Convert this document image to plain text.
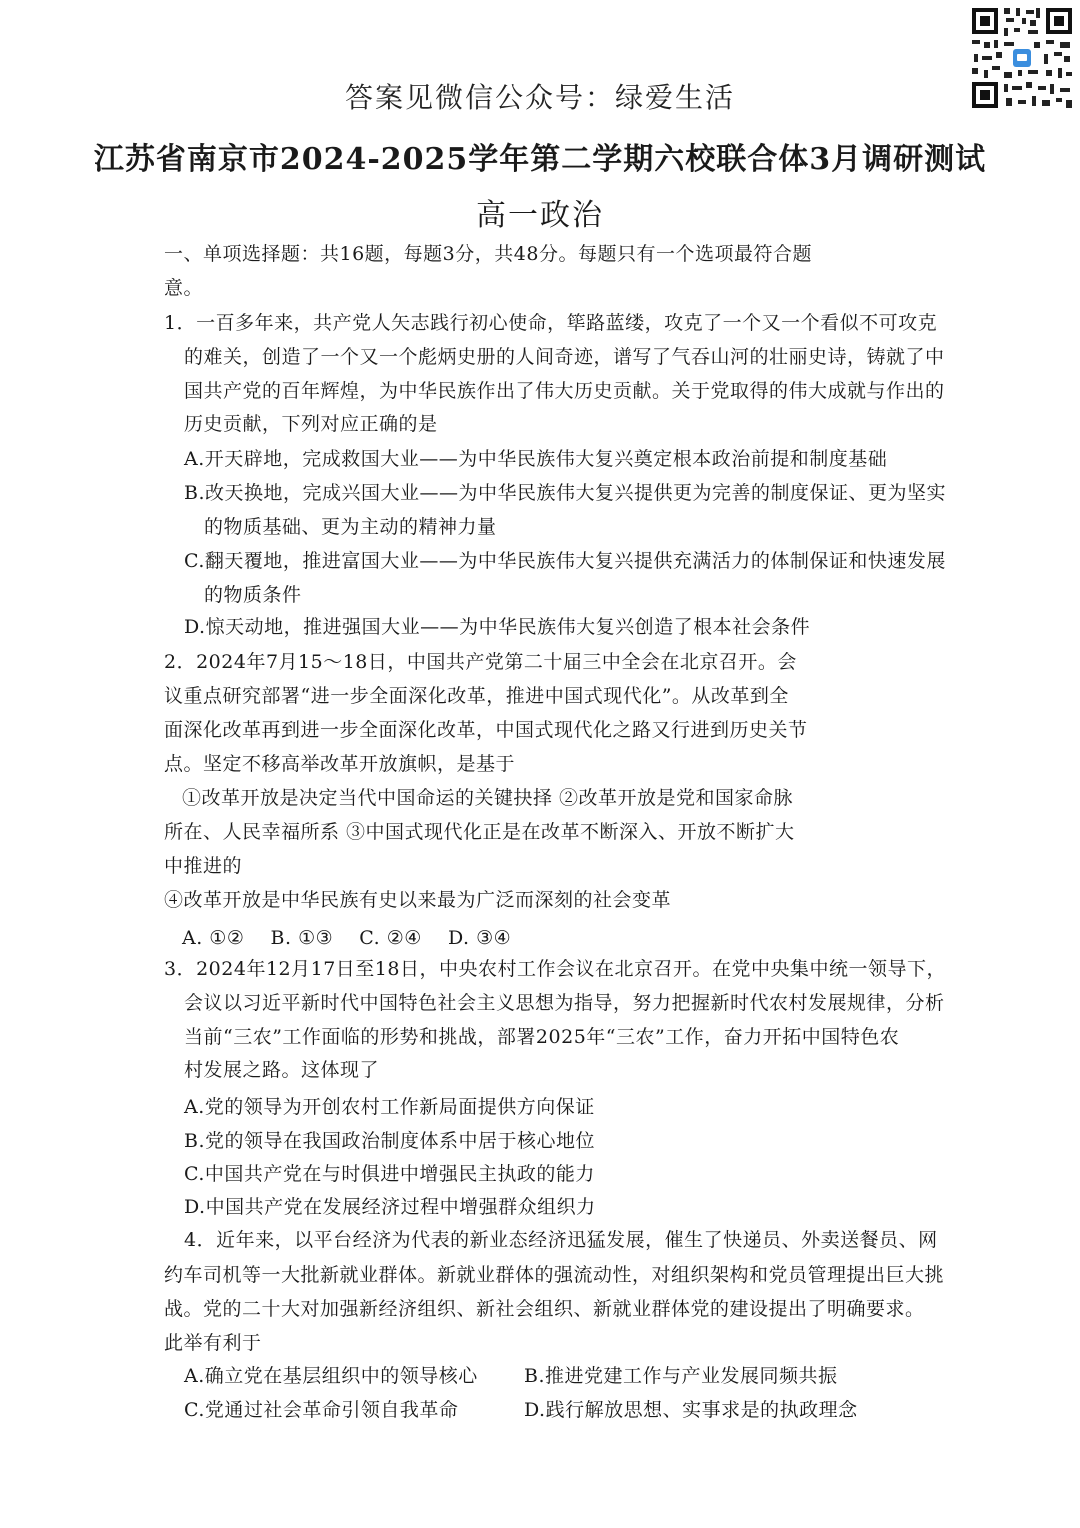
答案见微信公众号：绿爱生活
江苏省南京市2024-2025学年第二学期六校联合体3月调研测试
高一政治
一、单项选择题：共16题，每题3分，共48分。每题只有一个选项最符合题
意。
1．一百多年来，共产党人矢志践行初心使命，筚路蓝缕，攻克了一个又一个看似不可攻克
的难关，创造了一个又一个彪炳史册的人间奇迹，谱写了气吞山河的壮丽史诗，铸就了中
国共产党的百年辉煌，为中华民族作出了伟大历史贡献。关于党取得的伟大成就与作出的
历史贡献，下列对应正确的是
A.开天辟地，完成救国大业——为中华民族伟大复兴奠定根本政治前提和制度基础
B.改天换地，完成兴国大业——为中华民族伟大复兴提供更为完善的制度保证、更为坚实
的物质基础、更为主动的精神力量
C.翻天覆地，推进富国大业——为中华民族伟大复兴提供充满活力的体制保证和快速发展
的物质条件
D.惊天动地，推进强国大业——为中华民族伟大复兴创造了根本社会条件
2．2024年7月15～18日，中国共产党第二十届三中全会在北京召开。会
议重点研究部署“进一步全面深化改革，推进中国式现代化”。从改革到全
面深化改革再到进一步全面深化改革，中国式现代化之路又行进到历史关节
点。坚定不移高举改革开放旗帜，是基于
①改革开放是决定当代中国命运的关键抉择 ②改革开放是党和国家命脉
所在、人民幸福所系 ③中国式现代化正是在改革不断深入、开放不断扩大
中推进的
④改革开放是中华民族有史以来最为广泛而深刻的社会变革
A. ①②    B. ①③    C. ②④    D. ③④
3．2024年12月17日至18日，中央农村工作会议在北京召开。在党中央集中统一领导下，
会议以习近平新时代中国特色社会主义思想为指导，努力把握新时代农村发展规律，分析
当前“三农”工作面临的形势和挑战，部署2025年“三农”工作，奋力开拓中国特色农
村发展之路。这体现了
A.党的领导为开创农村工作新局面提供方向保证
B.党的领导在我国政治制度体系中居于核心地位
C.中国共产党在与时俱进中增强民主执政的能力
D.中国共产党在发展经济过程中增强群众组织力
4．近年来，以平台经济为代表的新业态经济迅猛发展，催生了快递员、外卖送餐员、网
约车司机等一大批新就业群体。新就业群体的强流动性，对组织架构和党员管理提出巨大挑
战。党的二十大对加强新经济组织、新社会组织、新就业群体党的建设提出了明确要求。
此举有利于
A.确立党在基层组织中的领导核心 B.推进党建工作与产业发展同频共振
C.党通过社会革命引领自我革命	D.践行解放思想、实事求是的执政理念
